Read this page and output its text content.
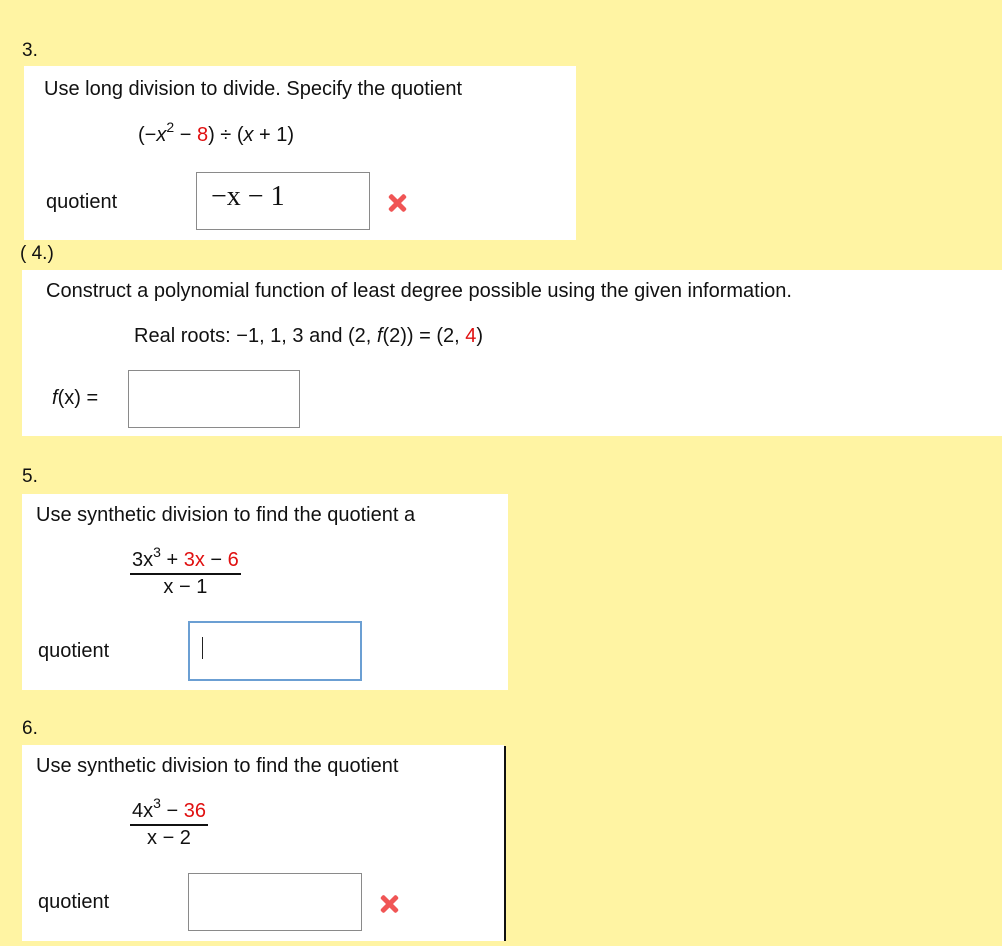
3.
Use long division to divide. Specify the quotient
$(-x^2 - 8) \div (x + 1)$
quotient	−x − 1
( 4.)
Construct a polynomial function of least degree possible using the given information.
Real roots: −1, 1, 3 and (2, f(2)) = (2, 4)
f(x) =
5.
Use synthetic division to find the quotient a
$\frac{3x^3 + 3x - 6}{x - 1}$
quotient
6.
Use synthetic division to find the quotient
$\frac{4x^3 - 36}{x - 2}$
quotient
